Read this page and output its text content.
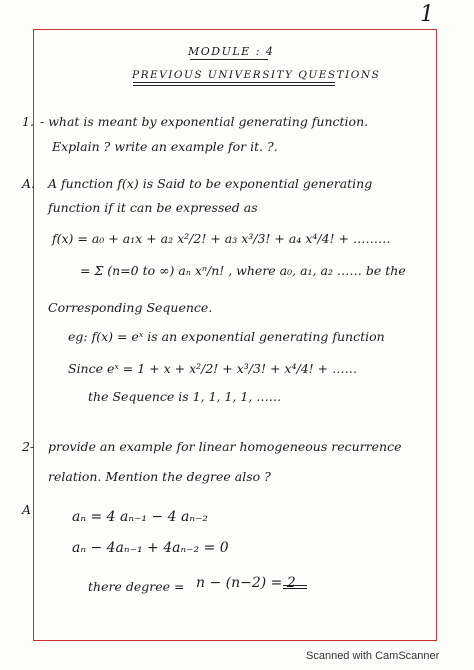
1
MODULE : 4
PREVIOUS UNIVERSITY QUESTIONS
1. - what is meant by exponential generating function.
Explain ? write an example for it. ?.
A. A function f(x) is Said to be exponential generating
function if it can be expressed as
f(x) = a₀ + a₁x + a₂ x²/2! + a₃ x³/3! + a₄ x⁴/4! + ………
= Σ (n=0 to ∞) aₙ xⁿ/n! , where a₀, a₁, a₂ …… be the
Corresponding Sequence.
eg: f(x) = eˣ is an exponential generating function
Since eˣ = 1 + x + x²/2! + x³/3! + x⁴/4! + ……
the Sequence is 1, 1, 1, 1, ……
2- provide an example for linear homogeneous recurrence
relation. Mention the degree also ?
A	aₙ = 4 aₙ₋₁ − 4 aₙ₋₂
aₙ − 4aₙ₋₁ + 4aₙ₋₂ = 0
there degree = n − (n−2) = 2
Scanned with CamScanner
